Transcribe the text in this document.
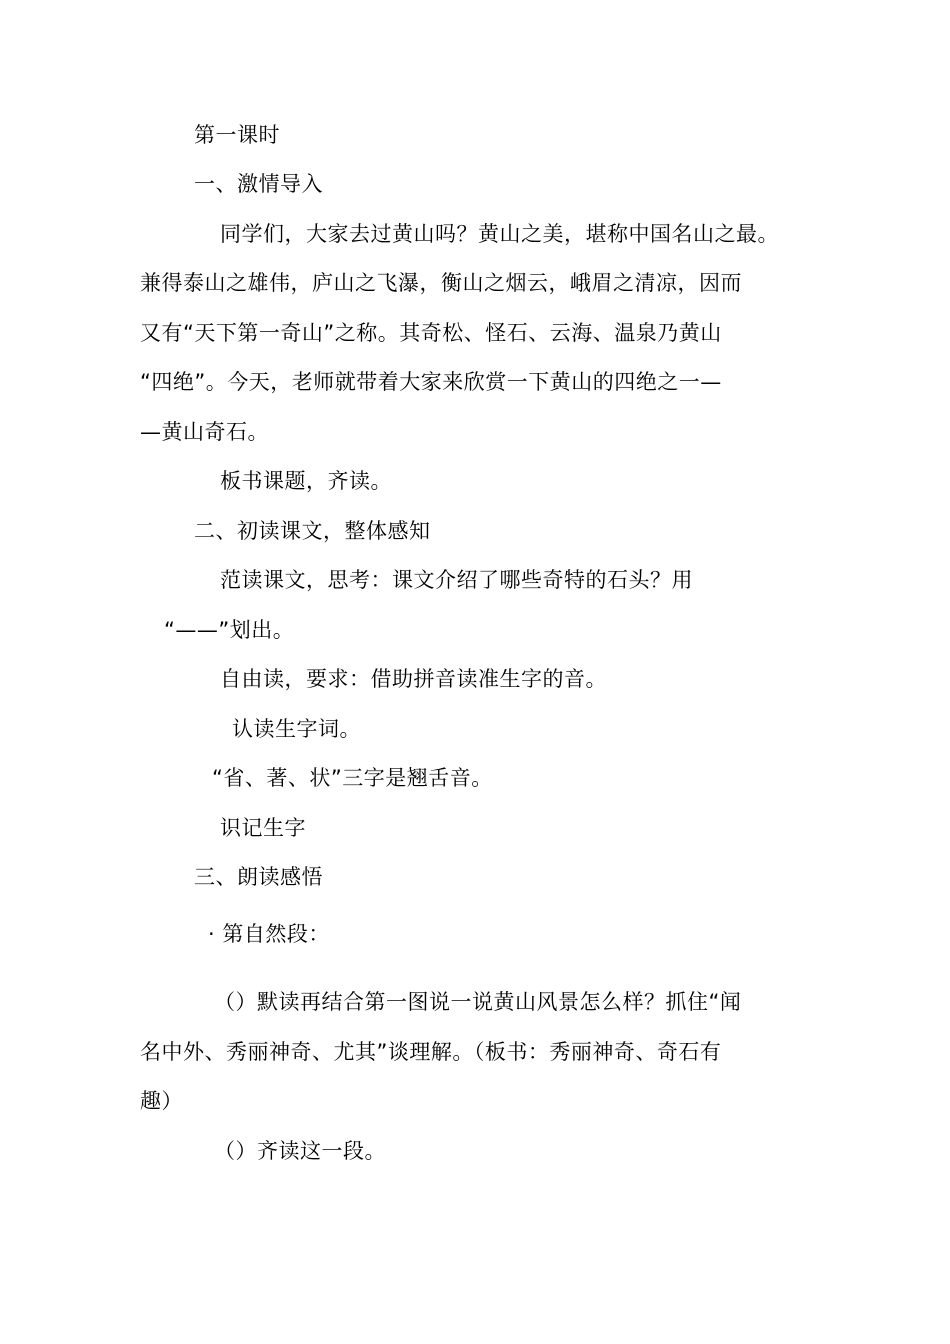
第一课时
一、激情导入
同学们，大家去过黄山吗？黄山之美，堪称中国名山之最。
兼得泰山之雄伟，庐山之飞瀑，衡山之烟云，峨眉之清凉，因而
又有“天下第一奇山”之称。其奇松、怪石、云海、温泉乃黄山
“四绝”。今天，老师就带着大家来欣赏一下黄山的四绝之一—
—黄山奇石。
板书课题，齐读。
二、初读课文，整体感知
范读课文，思考：课文介绍了哪些奇特的石头？用
“——”划出。
自由读，要求：借助拼音读准生字的音。
认读生字词。
“省、著、状”三字是翘舌音。
识记生字
三、朗读感悟
· 第自然段：
（）默读再结合第一图说一说黄山风景怎么样？抓住“闻
名中外、秀丽神奇、尤其”谈理解。（板书：秀丽神奇、奇石有
趣）
（）齐读这一段。
